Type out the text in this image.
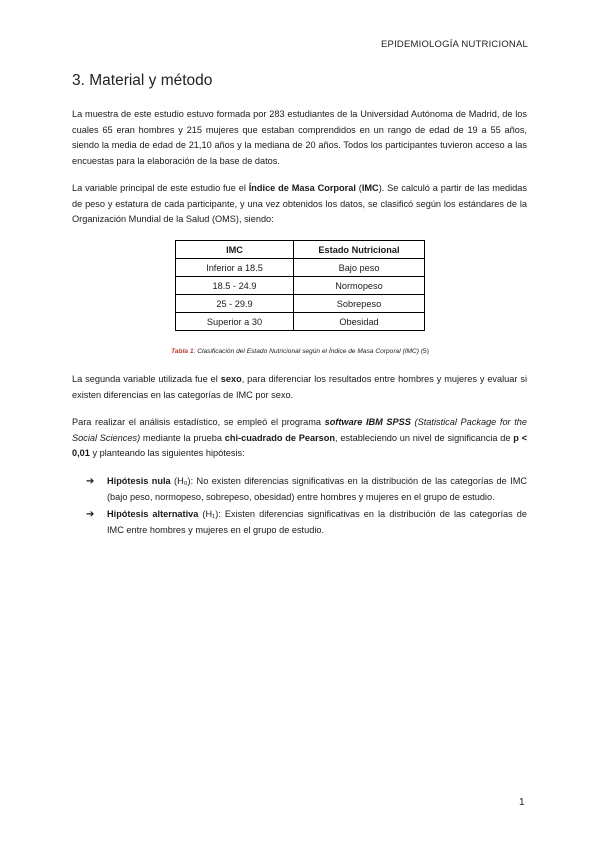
EPIDEMIOLOGÍA NUTRICIONAL
3. Material y método

La muestra de este estudio estuvo formada por 283 estudiantes de la Universidad Autónoma de Madrid, de los cuales 65 eran hombres y 215 mujeres que estaban comprendidos en un rango de edad de 19 a 55 años, siendo la media de edad de 21,10 años y la mediana de 20 años. Todos los participantes tuvieron acceso a las encuestas para la elaboración de la base de datos.

La variable principal de este estudio fue el Índice de Masa Corporal (IMC). Se calculó a partir de las medidas de peso y estatura de cada participante, y una vez obtenidos los datos, se clasificó según los estándares de la Organización Mundial de la Salud (OMS), siendo:

IMC	Estado Nutricional
Inferior a 18.5	Bajo peso
18.5 - 24.9	Normopeso
25 - 29.9	Sobrepeso
Superior a 30	Obesidad
Tabla 1: Clasificación del Estado Nutricional según el Índice de Masa Corporal (IMC) (5)

La segunda variable utilizada fue el sexo, para diferenciar los resultados entre hombres y mujeres y evaluar si existen diferencias en las categorías de IMC por sexo.

Para realizar el análisis estadístico, se empleó el programa software IBM SPSS (Statistical Package for the Social Sciences) mediante la prueba chi-cuadrado de Pearson, estableciendo un nivel de significancia de p < 0,01 y planteando las siguientes hipótesis:

➔ Hipótesis nula (H₀): No existen diferencias significativas en la distribución de las categorías de IMC (bajo peso, normopeso, sobrepeso, obesidad) entre hombres y mujeres en el grupo de estudio.
➔ Hipótesis alternativa (H₁): Existen diferencias significativas en la distribución de las categorías de IMC entre hombres y mujeres en el grupo de estudio.
1
